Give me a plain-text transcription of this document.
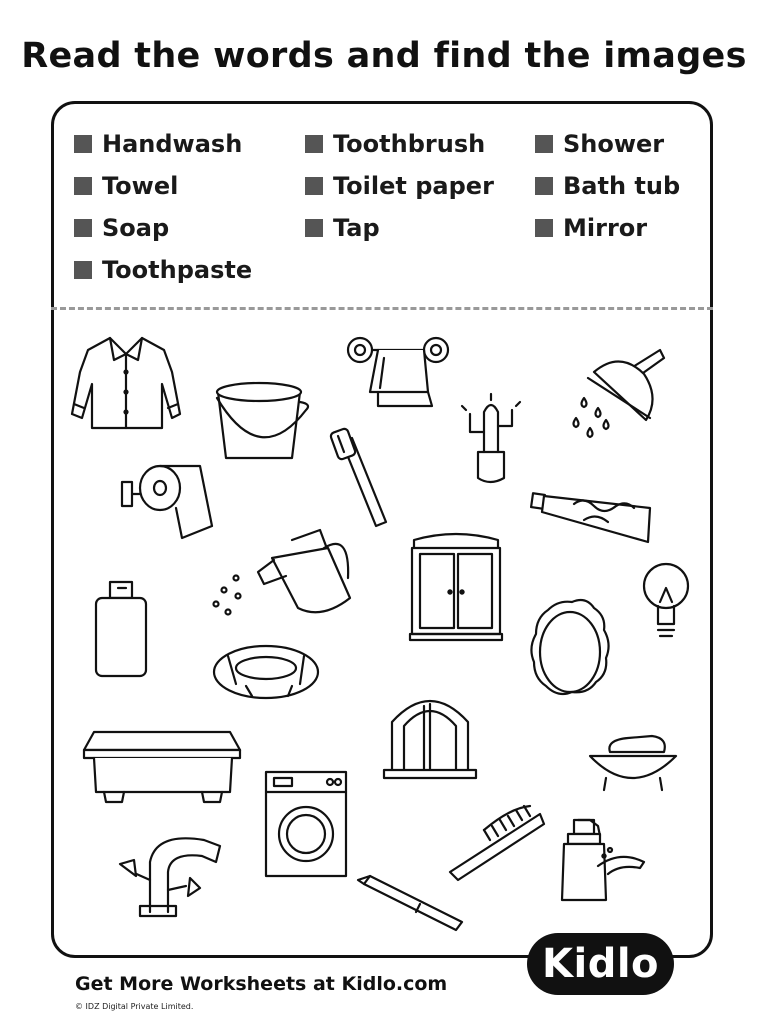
Read the words and find the images
Handwash	Toothbrush	Shower
Towel	Toilet paper	Bath tub
Soap	Tap	Mirror
Toothpaste
Get More Worksheets at Kidlo.com
© IDZ Digital Private Limited.
Kidlo
